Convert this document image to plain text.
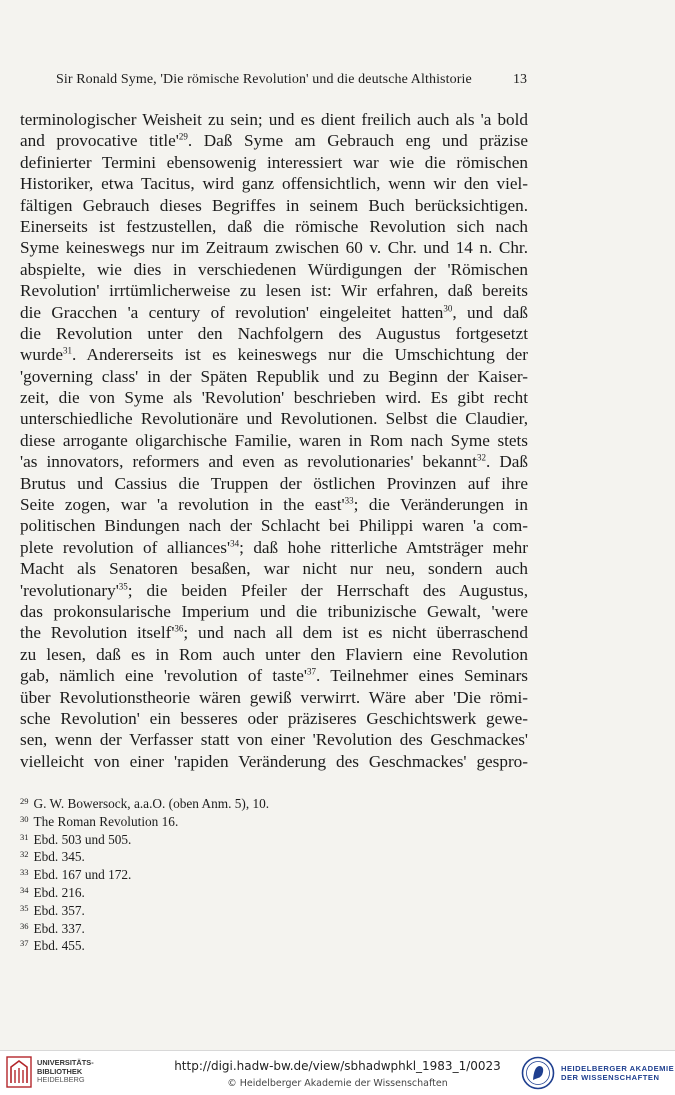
Sir Ronald Syme, 'Die römische Revolution' und die deutsche Althistorie	13
terminologischer Weisheit zu sein; und es dient freilich auch als 'a bold
and provocative $title'^{29}$. Daß Syme am Gebrauch eng und präzise
definierter Termini ebensowenig interessiert war wie die römischen
Historiker, etwa Tacitus, wird ganz offensichtlich, wenn wir den viel-
fältigen Gebrauch dieses Begriffes in seinem Buch berücksichtigen.
Einerseits ist festzustellen, daß die römische Revolution sich nach
Syme keineswegs nur im Zeitraum zwischen 60 v. Chr. und 14 n. Chr.
abspielte, wie dies in verschiedenen Würdigungen der 'Römischen
Revolution' irrtümlicherweise zu lesen ist: Wir erfahren, daß bereits
die Gracchen 'a century of revolution' eingeleitet hatten$^{30}$, und daß
die Revolution unter den Nachfolgern des Augustus fortgesetzt
wurde$^{31}$. Andererseits ist es keineswegs nur die Umschichtung der
'governing class' in der Späten Republik und zu Beginn der Kaiser-
zeit, die von Syme als 'Revolution' beschrieben wird. Es gibt recht
unterschiedliche Revolutionäre und Revolutionen. Selbst die Claudier,
diese arrogante oligarchische Familie, waren in Rom nach Syme stets
'as innovators, reformers and even as revolutionaries' bekannt$^{32}$. Daß
Brutus und Cassius die Truppen der östlichen Provinzen auf ihre
Seite zogen, war 'a revolution in the $east'^{33}$; die Veränderungen in
politischen Bindungen nach der Schlacht bei Philippi waren 'a com-
plete revolution of $alliances'^{34}$; daß hohe ritterliche Amtsträger mehr
Macht als Senatoren besaßen, war nicht nur neu, sondern auch
'$revolutionary'^{35}$; die beiden Pfeiler der Herrschaft des Augustus,
das prokonsularische Imperium und die tribunizische Gewalt, 'were
the Revolution $itself'^{36}$; und nach all dem ist es nicht überraschend
zu lesen, daß es in Rom auch unter den Flaviern eine Revolution
gab, nämlich eine 'revolution of $taste'^{37}$. Teilnehmer eines Seminars
über Revolutionstheorie wären gewiß verwirrt. Wäre aber 'Die römi-
sche Revolution' ein besseres oder präziseres Geschichtswerk gewe-
sen, wenn der Verfasser statt von einer 'Revolution des Geschmackes'
vielleicht von einer 'rapiden Veränderung des Geschmackes' gespro-
$^{29}$ G. W. Bowersock, a.a.O. (oben Anm. 5), 10.
$^{30}$ The Roman Revolution 16.
$^{31}$ Ebd. 503 und 505.
$^{32}$ Ebd. 345.
$^{33}$ Ebd. 167 und 172.
$^{34}$ Ebd. 216.
$^{35}$ Ebd. 357.
$^{36}$ Ebd. 337.
$^{37}$ Ebd. 455.
UNIVERSITÄTS-
BIBLIOTHEK
HEIDELBERG
http://digi.hadw-bw.de/view/sbhadwphkl_1983_1/0023
© Heidelberger Akademie der Wissenschaften
HEIDELBERGER AKADEMIE
DER WISSENSCHAFTEN
